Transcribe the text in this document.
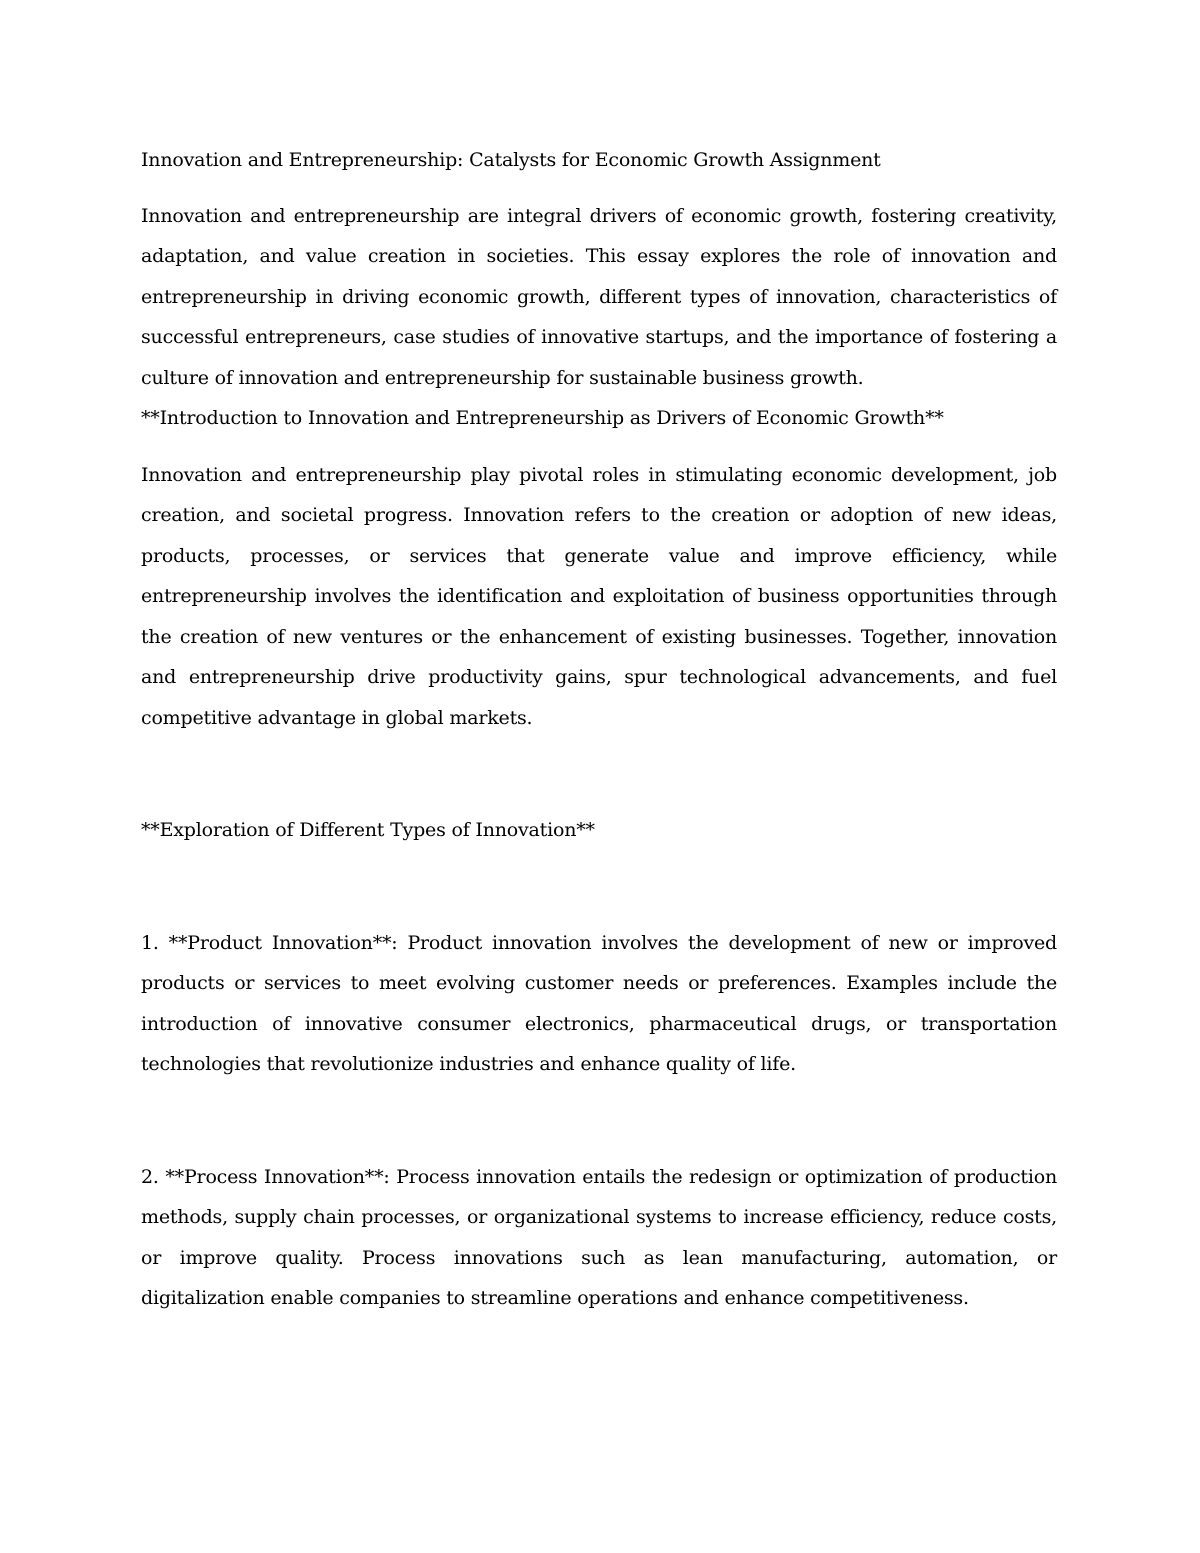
Innovation and Entrepreneurship: Catalysts for Economic Growth Assignment

Innovation and entrepreneurship are integral drivers of economic growth, fostering creativity, adaptation, and value creation in societies. This essay explores the role of innovation and entrepreneurship in driving economic growth, different types of innovation, characteristics of successful entrepreneurs, case studies of innovative startups, and the importance of fostering a culture of innovation and entrepreneurship for sustainable business growth.

**Introduction to Innovation and Entrepreneurship as Drivers of Economic Growth**

Innovation and entrepreneurship play pivotal roles in stimulating economic development, job creation, and societal progress. Innovation refers to the creation or adoption of new ideas, products, processes, or services that generate value and improve efficiency, while entrepreneurship involves the identification and exploitation of business opportunities through the creation of new ventures or the enhancement of existing businesses. Together, innovation and entrepreneurship drive productivity gains, spur technological advancements, and fuel competitive advantage in global markets.

**Exploration of Different Types of Innovation**

1. **Product Innovation**: Product innovation involves the development of new or improved products or services to meet evolving customer needs or preferences. Examples include the introduction of innovative consumer electronics, pharmaceutical drugs, or transportation technologies that revolutionize industries and enhance quality of life.

2. **Process Innovation**: Process innovation entails the redesign or optimization of production methods, supply chain processes, or organizational systems to increase efficiency, reduce costs, or improve quality. Process innovations such as lean manufacturing, automation, or digitalization enable companies to streamline operations and enhance competitiveness.
